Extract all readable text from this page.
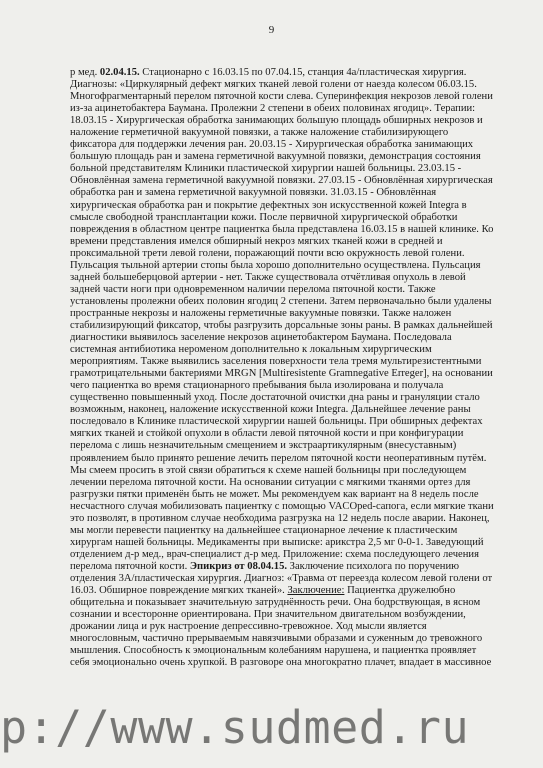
9
р мед. 02.04.15. Стационарно с 16.03.15 по 07.04.15, станция 4а/пластическая хирургия.
Диагнозы: «Циркулярный дефект мягких тканей левой голени от наезда колесом 06.03.15.
Многофрагментарный перелом пяточной кости слева. Суперинфекция некрозов левой голени
из-за ацинетобактера Баумана. Пролежни 2 степени в обеих половинах ягодиц». Терапии:
18.03.15 - Хирургическая обработка занимающих большую площадь обширных некрозов и
наложение герметичной вакуумной повязки, а также наложение стабилизирующего
фиксатора для поддержки лечения ран. 20.03.15 - Хирургическая обработка занимающих
большую площадь ран и замена герметичной вакуумной повязки, демонстрация состояния
больной представителям Клиники пластической хирургии нашей больницы. 23.03.15 -
Обновлённая замена герметичной вакуумной повязки. 27.03.15 - Обновлённая хирургическая
обработка ран и замена герметичной вакуумной повязки. 31.03.15 - Обновлённая
хирургическая обработка ран и покрытие дефектных зон искусственной кожей Integra в
смысле свободной трансплантации кожи. После первичной хирургической обработки
повреждения в областном центре пациентка была представлена 16.03.15 в нашей клинике. Ко
времени представления имелся обширный некроз мягких тканей кожи в средней и
проксимальной трети левой голени, поражающий почти всю окружность левой голени.
Пульсация тыльной артерии стопы была хорошо дополнительно осуществлена. Пульсация
задней большеберцовой артерии - нет. Также существовала отчётливая опухоль в левой
задней части ноги при одновременном наличии перелома пяточной кости. Также
установлены пролежни обеих половин ягодиц 2 степени. Затем первоначально были удалены
пространные некрозы и наложены герметичные вакуумные повязки. Также наложен
стабилизирующий фиксатор, чтобы разгрузить дорсальные зоны раны. В рамках дальнейшей
диагностики выявилось заселение некрозов ацинетобактером Баумана. Последовала
системная антибиотика нероменом дополнительно к локальным хирургическим
мероприятиям. Также выявились заселения поверхности тела тремя мультирезистентными
грамотрицательными бактериями MRGN [Multiresistente Gramnegative Erreger], на основании
чего пациентка во время стационарного пребывания была изолирована и получала
существенно повышенный уход. После достаточной очистки дна раны и грануляции стало
возможным, наконец, наложение искусственной кожи Integra. Дальнейшее лечение раны
последовало в Клинике пластической хирургии нашей больницы. При обширных дефектах
мягких тканей и стойкой опухоли в области левой пяточной кости и при конфигурации
перелома с лишь незначительным смещением и экстраартикулярным (внесуставным)
проявлением было принято решение лечить перелом пяточной кости неоперативным путём.
Мы смеем просить в этой связи обратиться к схеме нашей больницы при последующем
лечении перелома пяточной кости. На основании ситуации с мягкими тканями ортез для
разгрузки пятки применён быть не может. Мы рекомендуем как вариант на 8 недель после
несчастного случая мобилизовать пациентку с помощью VACOped-сапога, если мягкие ткани
это позволят, в противном случае необходима разгрузка на 12 недель после аварии. Наконец,
мы могли перевести пациентку на дальнейшее стационарное лечение к пластическим
хирургам нашей больницы. Медикаменты при выписке: арикстра 2,5 мг 0-0-1. Заведующий
отделением д-р мед., врач-специалист д-р мед. Приложение: схема последующего лечения
перелома пяточной кости. Эпикриз от 08.04.15. Заключение психолога по поручению
отделения 3А/пластическая хирургия. Диагноз: «Травма от переезда колесом левой голени от
16.03. Обширное повреждение мягких тканей». Заключение: Пациентка дружелюбно
общительна и показывает значительную затруднённость речи. Она бодрствующая, в ясном
сознании и всесторонне ориентирована. При значительном двигательном возбуждении,
дрожании лица и рук настроение депрессивно-тревожное. Ход мысли является
многословным, частично прерываемым навязчивыми образами и суженным до тревожного
мышления. Способность к эмоциональным колебаниям нарушена, и пациентка проявляет
себя эмоционально очень хрупкой. В разговоре она многократно плачет, впадает в массивное
p://www.sudmed.ru
